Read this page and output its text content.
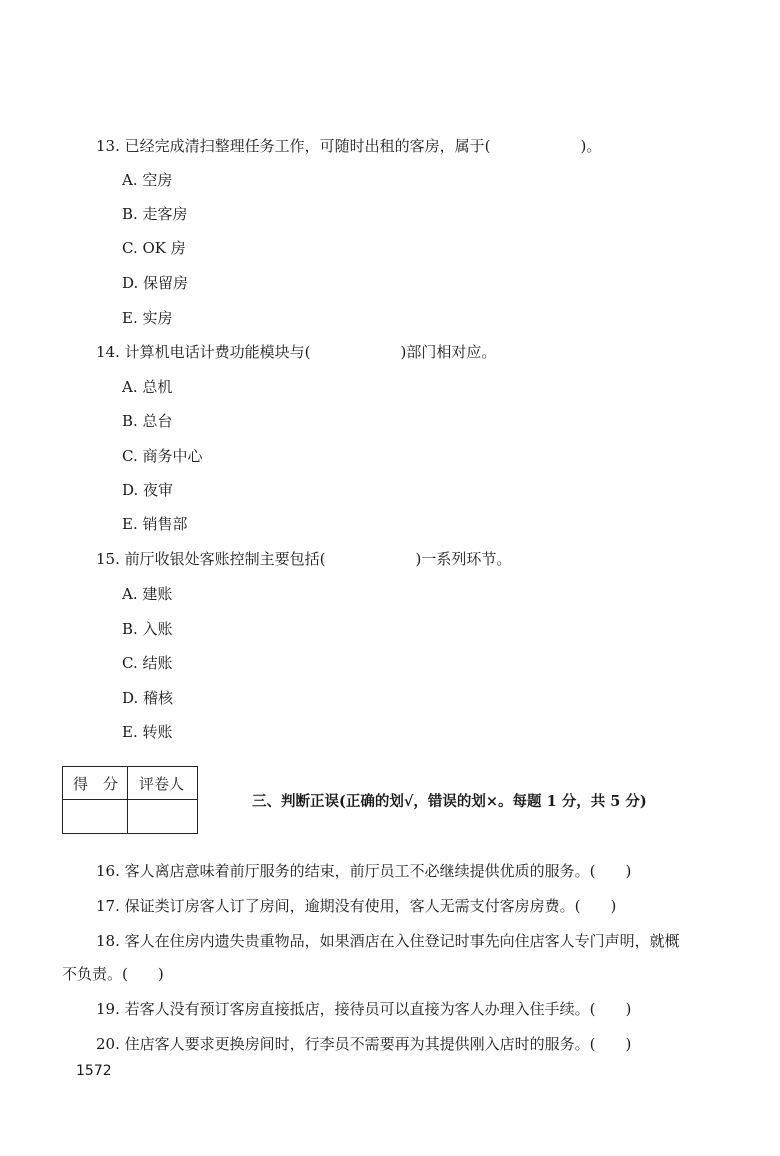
13. 已经完成清扫整理任务工作，可随时出租的客房，属于(　　　　　　)。
A. 空房
B. 走客房
C. OK 房
D. 保留房
E. 实房
14. 计算机电话计费功能模块与(　　　　　　)部门相对应。
A. 总机
B. 总台
C. 商务中心
D. 夜审
E. 销售部
15. 前厅收银处客账控制主要包括(　　　　　　)一系列环节。
A. 建账
B. 入账
C. 结账
D. 稽核
E. 转账
得　分 评卷人
三、判断正误(正确的划√，错误的划×。每题 1 分，共 5 分)
16. 客人离店意味着前厅服务的结束，前厅员工不必继续提供优质的服务。(　　)
17. 保证类订房客人订了房间，逾期没有使用，客人无需支付客房房费。(　　)
18. 客人在住房内遗失贵重物品，如果酒店在入住登记时事先向住店客人专门声明，就概
不负责。(　　)
19. 若客人没有预订客房直接抵店，接待员可以直接为客人办理入住手续。(　　)
20. 住店客人要求更换房间时，行李员不需要再为其提供刚入店时的服务。(　　)
1572
